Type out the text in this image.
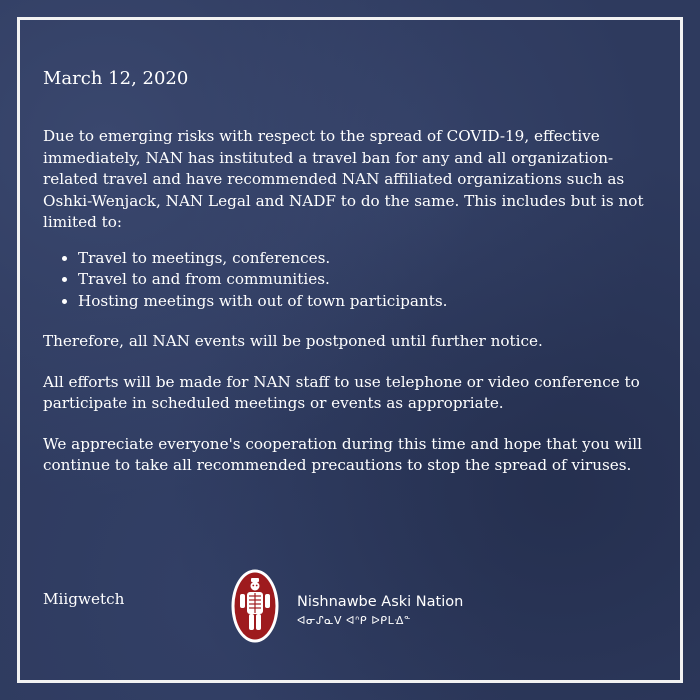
March 12, 2020

Due to emerging risks with respect to the spread of COVID-19, effective immediately, NAN has instituted a travel ban for any and all organization-related travel and have recommended NAN affiliated organizations such as Oshki-Wenjack, NAN Legal and NADF to do the same. This includes but is not limited to:

• Travel to meetings, conferences.
• Travel to and from communities.
• Hosting meetings with out of town participants.

Therefore, all NAN events will be postponed until further notice.

All efforts will be made for NAN staff to use telephone or video conference to participate in scheduled meetings or events as appropriate.

We appreciate everyone's cooperation during this time and hope that you will continue to take all recommended precautions to stop the spread of viruses.

Miigwetch	Nishnawbe Aski Nation
ᐊᓂᔑᓇᐯ ᐊᐢᑭ ᐅᑭᒪᐎᓐ
